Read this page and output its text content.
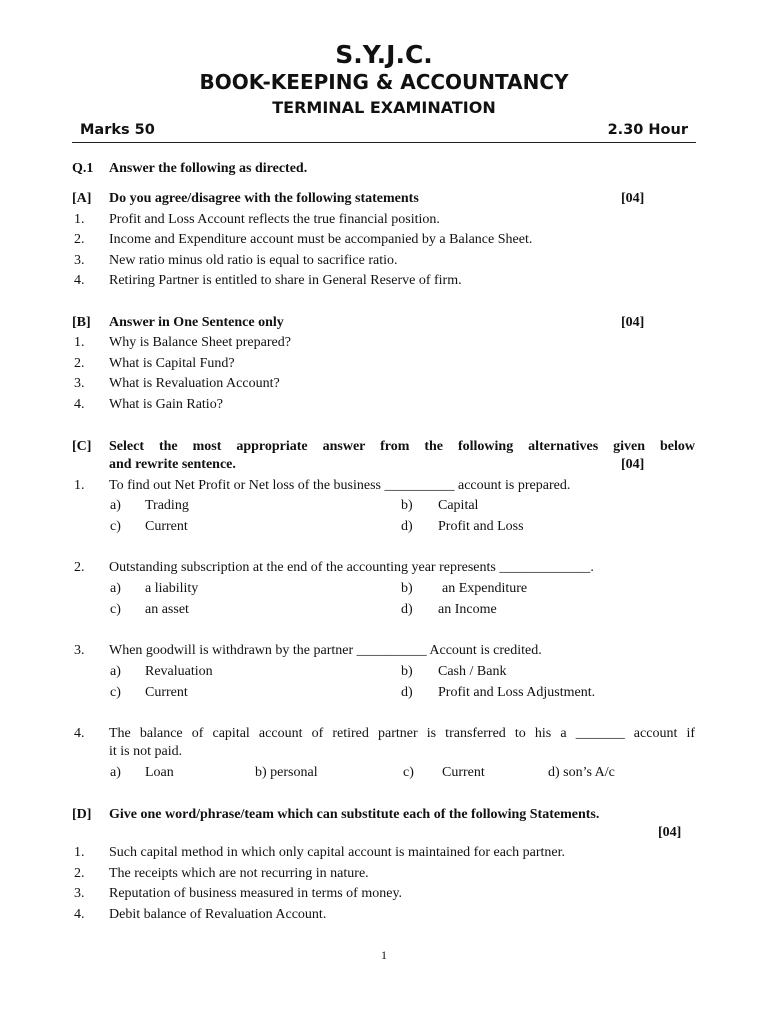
S.Y.J.C.
BOOK-KEEPING & ACCOUNTANCY
TERMINAL EXAMINATION
Marks 50	2.30 Hour
Q.1 Answer the following as directed.
[A] Do you agree/disagree with the following statements	[04]
1. Profit and Loss Account reflects the true financial position.
2. Income and Expenditure account must be accompanied by a Balance Sheet.
3. New ratio minus old ratio is equal to sacrifice ratio.
4. Retiring Partner is entitled to share in General Reserve of firm.
[B] Answer in One Sentence only	[04]
1. Why is Balance Sheet prepared?
2. What is Capital Fund?
3. What is Revaluation Account?
4. What is Gain Ratio?
[C] Select the most appropriate answer from the following alternatives given below
and rewrite sentence.	[04]
1. To find out Net Profit or Net loss of the business __________ account is prepared.
a) Trading	b) Capital
c) Current	d) Profit and Loss
2. Outstanding subscription at the end of the accounting year represents _____________.
a) a liability	b) an Expenditure
c) an asset	d) an Income
3. When goodwill is withdrawn by the partner __________ Account is credited.
a) Revaluation	b) Cash / Bank
c) Current	d) Profit and Loss Adjustment.
4. The balance of capital account of retired partner is transferred to his a _______ account if
it is not paid.
a) Loan	b) personal	c) Current	d) son’s A/c
[D] Give one word/phrase/team which can substitute each of the following Statements.
[04]
1. Such capital method in which only capital account is maintained for each partner.
2. The receipts which are not recurring in nature.
3. Reputation of business measured in terms of money.
4. Debit balance of Revaluation Account.
1
